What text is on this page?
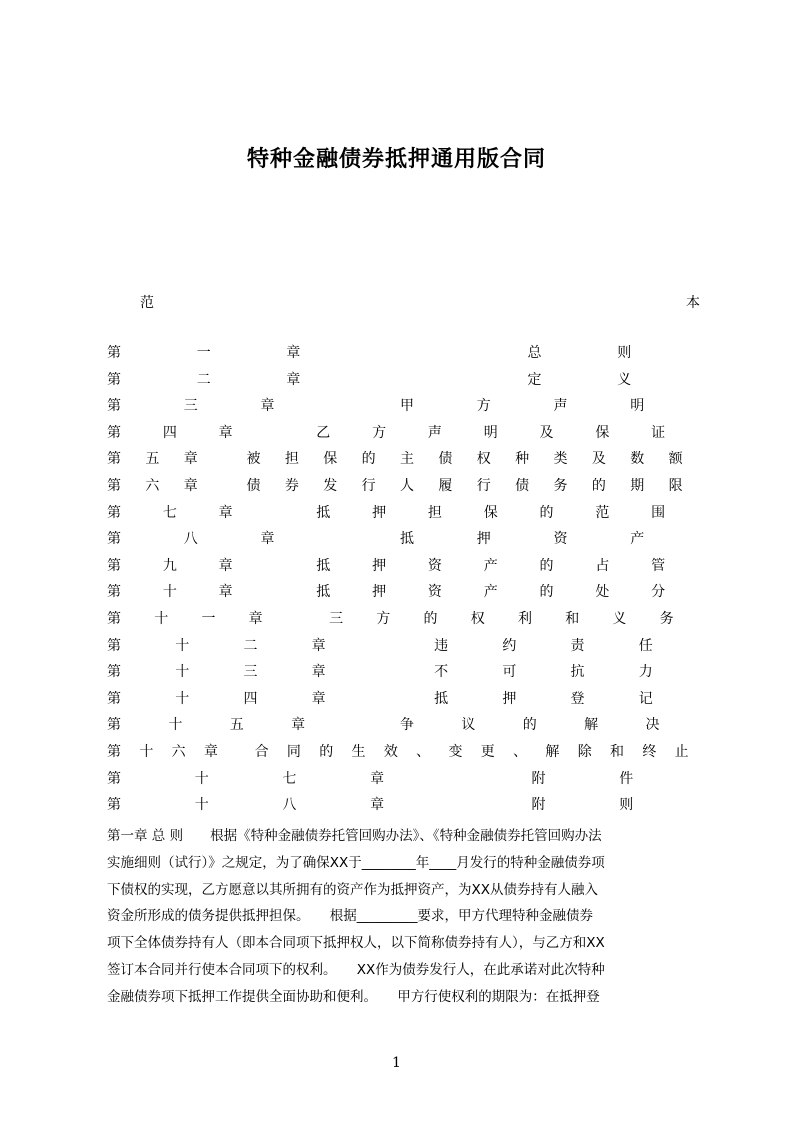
特种金融债券抵押通用版合同
范	本
第	一	章	总	则
第	二	章	定	义
第	三	章	甲	方	声	明
第	四	章	乙	方	声	明	及	保	证
第 五 章	被 担 保 的 主 债 权 种 类 及 数 额
第 六 章	债 券 发 行 人 履 行 债 务 的 期 限
第	七	章	抵	押	担	保	的	范	围
第	八	章	抵	押	资	产
第	九	章	抵	押	资	产	的	占	管
第	十	章	抵	押	资	产	的	处	分
第 十 一 章	三 方 的 权 利 和 义 务
第	十	二	章	违	约	责	任
第	十	三	章	不	可	抗	力
第	十	四	章	抵	押	登	记
第	十	五	章	争	议	的	解	决
第 十 六 章	合 同 的 生 效 、 变 更 、 解 除 和 终 止
第	十	七	章	附	件
第	十	八	章	附	则
第一章 总 则　　根据《特种金融债券托管回购办法》、《特种金融债券托管回购办法
实施细则（试行）》之规定，为了确保XX于________年____月发行的特种金融债券项
下债权的实现，乙方愿意以其所拥有的资产作为抵押资产，为XX从债券持有人融入
资金所形成的债务提供抵押担保。　　根据_________要求，甲方代理特种金融债券
项下全体债券持有人（即本合同项下抵押权人，以下简称债券持有人），与乙方和XX
签订本合同并行使本合同项下的权利。　　XX作为债券发行人，在此承诺对此次特种
金融债券项下抵押工作提供全面协助和便利。　　甲方行使权利的期限为：在抵押登
1
